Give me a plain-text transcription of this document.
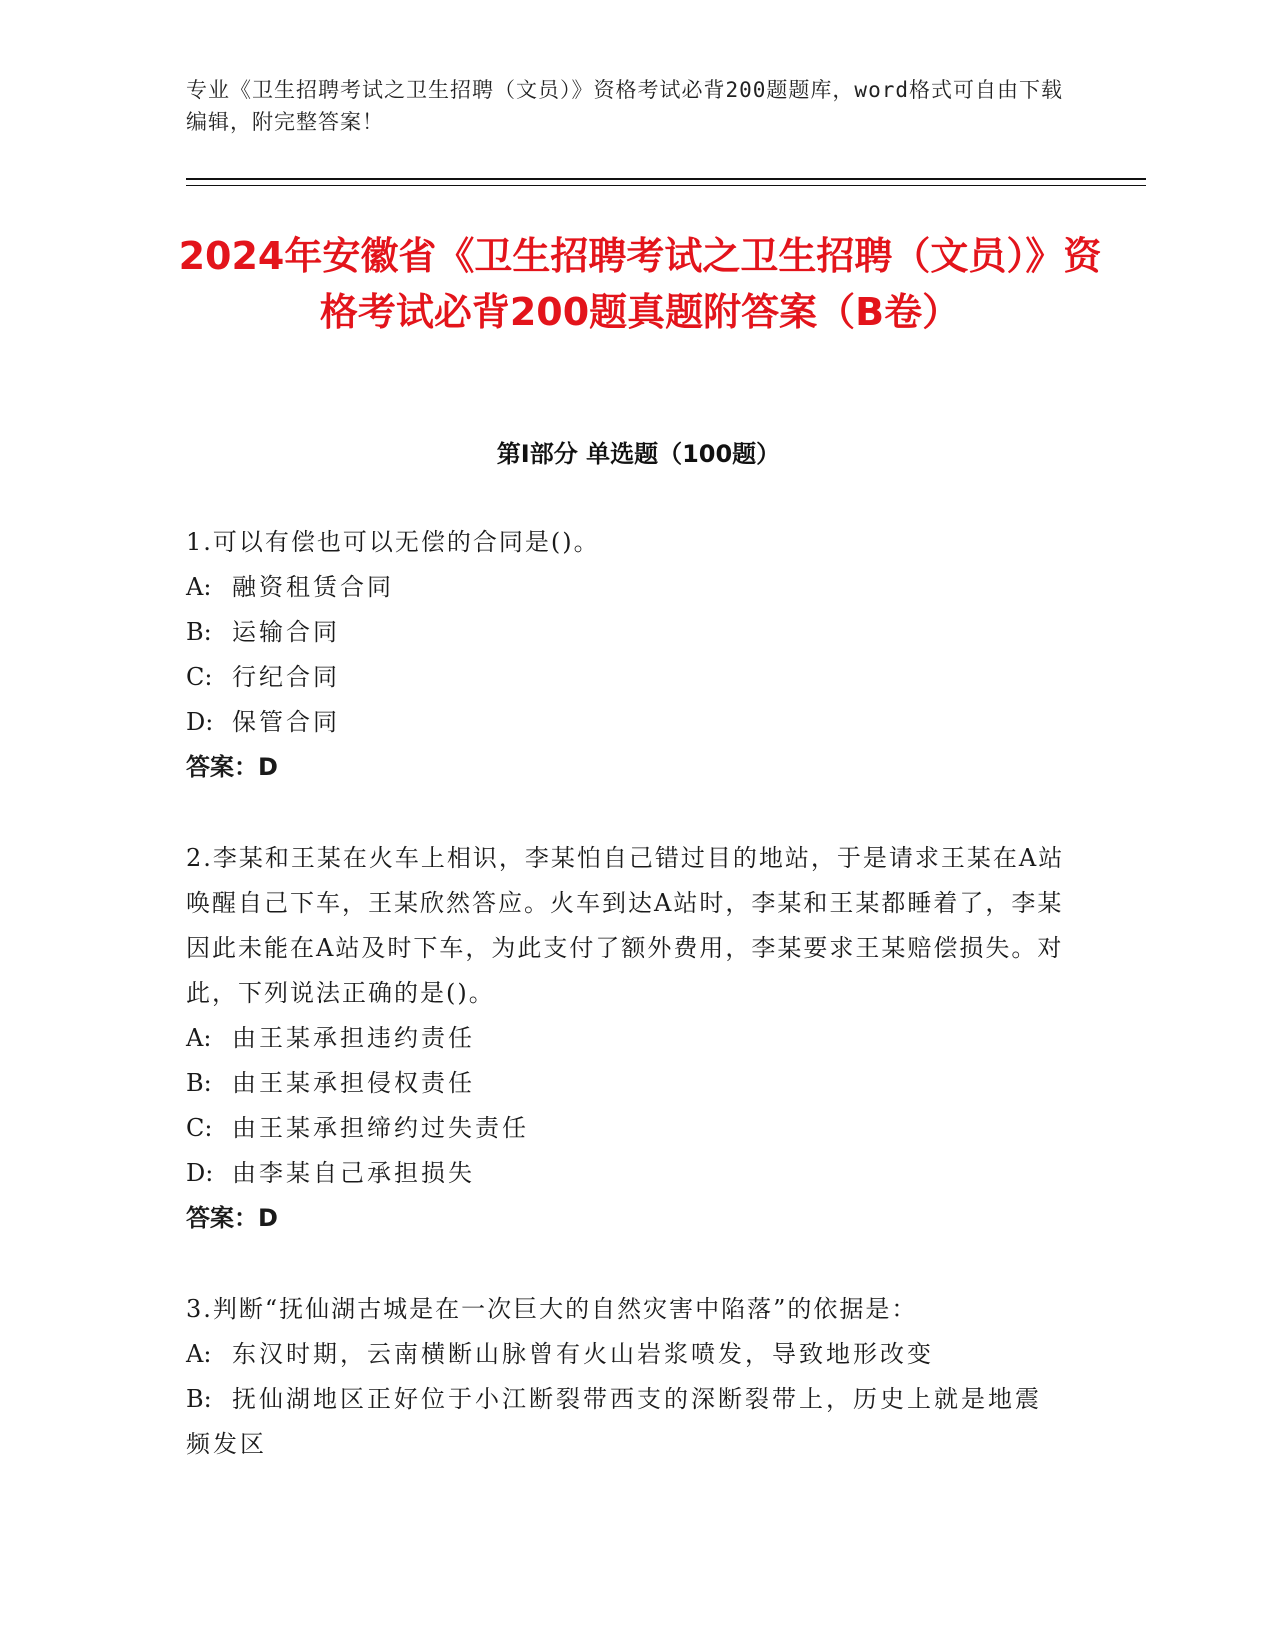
专业《卫生招聘考试之卫生招聘（文员）》资格考试必背200题题库，word格式可自由下载编辑，附完整答案！
2024年安徽省《卫生招聘考试之卫生招聘（文员）》资格考试必背200题真题附答案（B卷）
第Ⅰ部分 单选题（100题）
1.可以有偿也可以无偿的合同是()。
A: 融资租赁合同
B: 运输合同
C: 行纪合同
D: 保管合同
答案：D
2.李某和王某在火车上相识，李某怕自己错过目的地站，于是请求王某在A站唤醒自己下车，王某欣然答应。火车到达A站时，李某和王某都睡着了，李某因此未能在A站及时下车，为此支付了额外费用，李某要求王某赔偿损失。对此，下列说法正确的是()。
A: 由王某承担违约责任
B: 由王某承担侵权责任
C: 由王某承担缔约过失责任
D: 由李某自己承担损失
答案：D
3.判断“抚仙湖古城是在一次巨大的自然灾害中陷落”的依据是：
A: 东汉时期，云南横断山脉曾有火山岩浆喷发，导致地形改变
B: 抚仙湖地区正好位于小江断裂带西支的深断裂带上，历史上就是地震频发区
